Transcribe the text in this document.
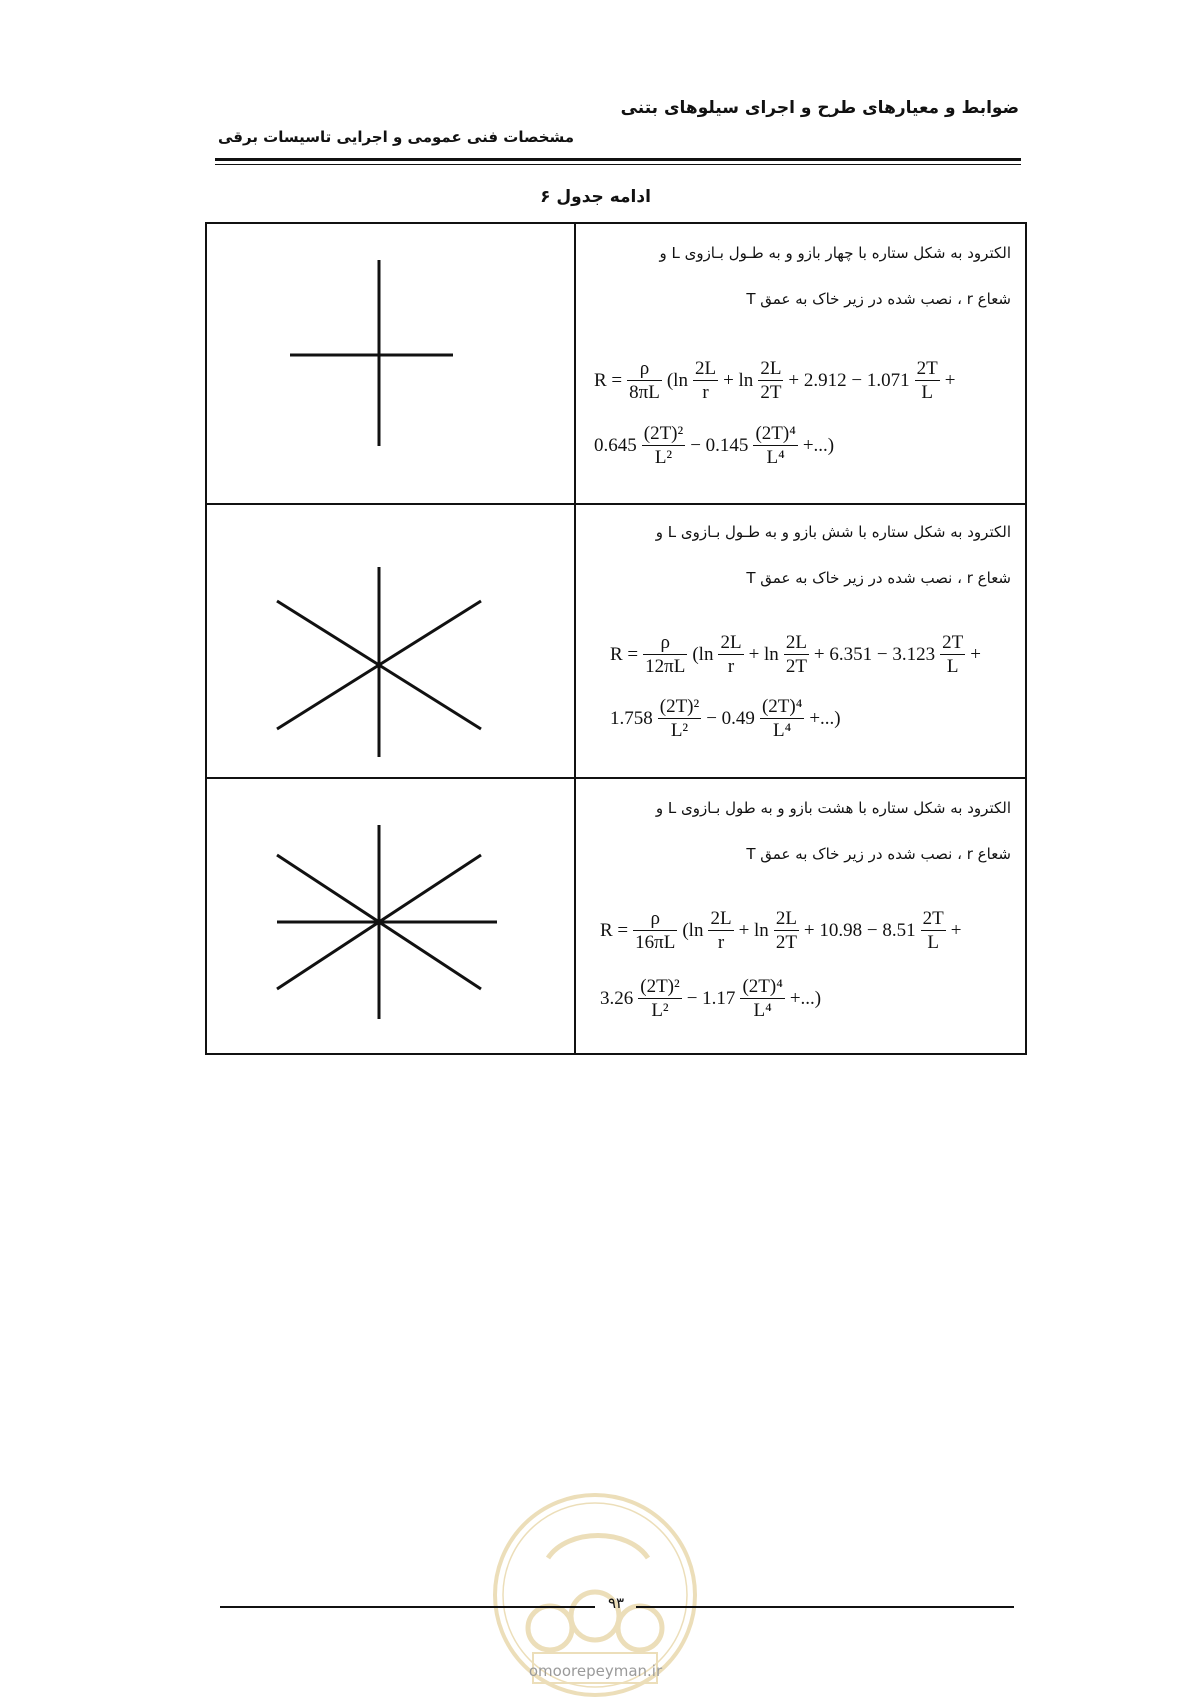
ضوابط و معیارهای طرح و اجرای سیلوهای بتنی
مشخصات فنی عمومی و اجرایی تاسیسات برقی
ادامه جدول ۶
الکترود به شکل ستاره با چهار بازو و به طـول بـازوی L و
شعاع r ، نصب شده در زیر خاک به عمق T
$R = \frac{\rho}{8\pi L} (\ln \frac{2L}{r} + \ln \frac{2L}{2T} + 2.912 - 1.071 \frac{2T}{L}$ +
$0.645 \frac{\text{(2T)²}}{\text{L²}} - 0.145 \frac{\text{(2T)⁴}}{\text{L⁴}}$ +...)
الکترود به شکل ستاره با شش بازو و به طـول بـازوی L و
شعاع r ، نصب شده در زیر خاک به عمق T
$R = \frac{\rho}{12\pi L} (\ln \frac{2L}{r} + \ln \frac{2L}{2T} + 6.351 - 3.123 \frac{2T}{L}$ +
$1.758 \frac{\text{(2T)²}}{\text{L²}} - 0.49 \frac{\text{(2T)⁴}}{\text{L⁴}}$ +...)
الکترود به شکل ستاره با هشت بازو و به طول بـازوی L و
شعاع r ، نصب شده در زیر خاک به عمق T
$R = \frac{\rho}{16\pi L} (\ln \frac{2L}{r} + \ln \frac{2L}{2T} + 10.98 - 8.51 \frac{2T}{L}$ +
$3.26 \frac{\text{(2T)²}}{\text{L²}} - 1.17 \frac{\text{(2T)⁴}}{\text{L⁴}}$ +...)
۹۳
omoorepeyman.ir
